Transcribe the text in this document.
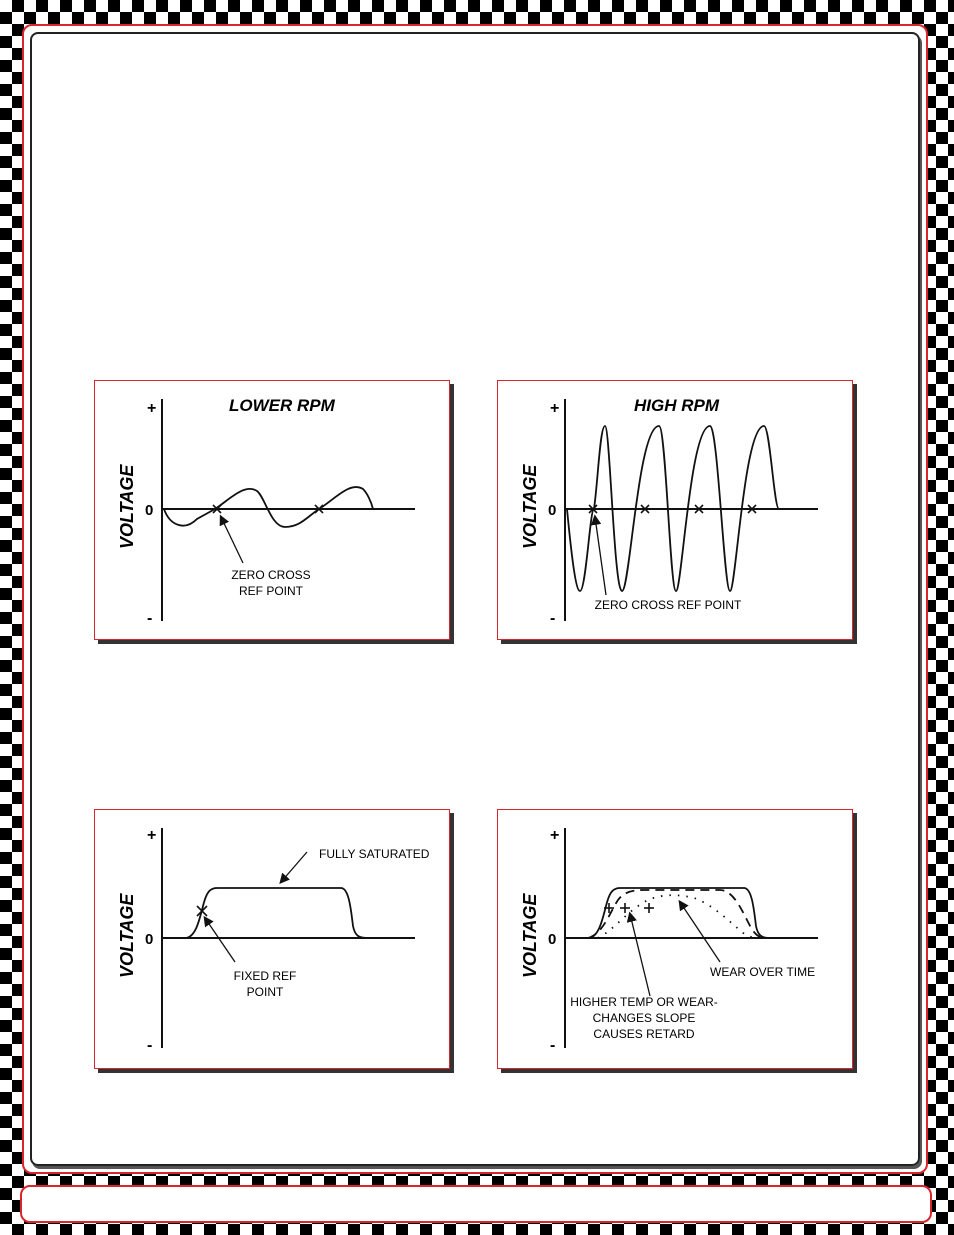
+
0
-
VOLTAGE
LOWER RPM
ZERO CROSS
REF POINT
+
0
-
VOLTAGE
HIGH RPM
ZERO CROSS REF POINT
+
0
-
VOLTAGE
FULLY SATURATED
FIXED REF
POINT
+
0
-
VOLTAGE	WEAR OVER TIME
HIGHER TEMP OR WEAR-
CHANGES SLOPE
CAUSES RETARD
